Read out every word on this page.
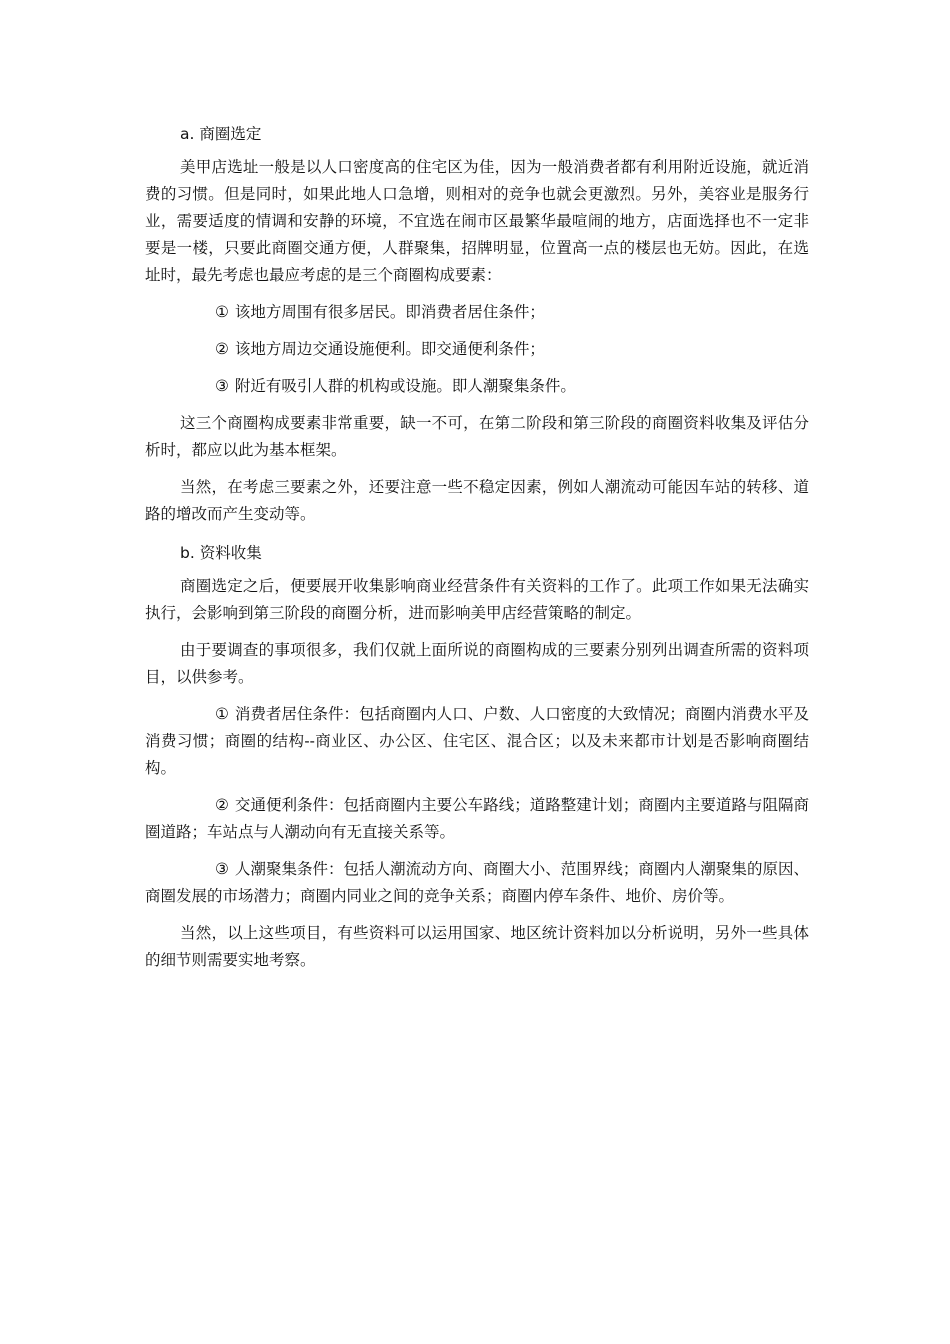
a. 商圈选定

美甲店选址一般是以人口密度高的住宅区为佳，因为一般消费者都有利用附近设施，就近消费的习惯。但是同时，如果此地人口急增，则相对的竞争也就会更激烈。另外，美容业是服务行业，需要适度的情调和安静的环境，不宜选在闹市区最繁华最喧闹的地方，店面选择也不一定非要是一楼，只要此商圈交通方便，人群聚集，招牌明显，位置高一点的楼层也无妨。因此，在选址时，最先考虑也最应考虑的是三个商圈构成要素：

① 该地方周围有很多居民。即消费者居住条件；

② 该地方周边交通设施便利。即交通便利条件；

③ 附近有吸引人群的机构或设施。即人潮聚集条件。

这三个商圈构成要素非常重要，缺一不可，在第二阶段和第三阶段的商圈资料收集及评估分析时，都应以此为基本框架。

当然，在考虑三要素之外，还要注意一些不稳定因素，例如人潮流动可能因车站的转移、道路的增改而产生变动等。

b. 资料收集

商圈选定之后，便要展开收集影响商业经营条件有关资料的工作了。此项工作如果无法确实执行，会影响到第三阶段的商圈分析，进而影响美甲店经营策略的制定。

由于要调查的事项很多，我们仅就上面所说的商圈构成的三要素分别列出调查所需的资料项目，以供参考。

① 消费者居住条件：包括商圈内人口、户数、人口密度的大致情况；商圈内消费水平及消费习惯；商圈的结构--商业区、办公区、住宅区、混合区；以及未来都市计划是否影响商圈结构。

② 交通便利条件：包括商圈内主要公车路线；道路整建计划；商圈内主要道路与阻隔商圈道路；车站点与人潮动向有无直接关系等。

③ 人潮聚集条件：包括人潮流动方向、商圈大小、范围界线；商圈内人潮聚集的原因、商圈发展的市场潜力；商圈内同业之间的竞争关系；商圈内停车条件、地价、房价等。

当然，以上这些项目，有些资料可以运用国家、地区统计资料加以分析说明，另外一些具体的细节则需要实地考察。
